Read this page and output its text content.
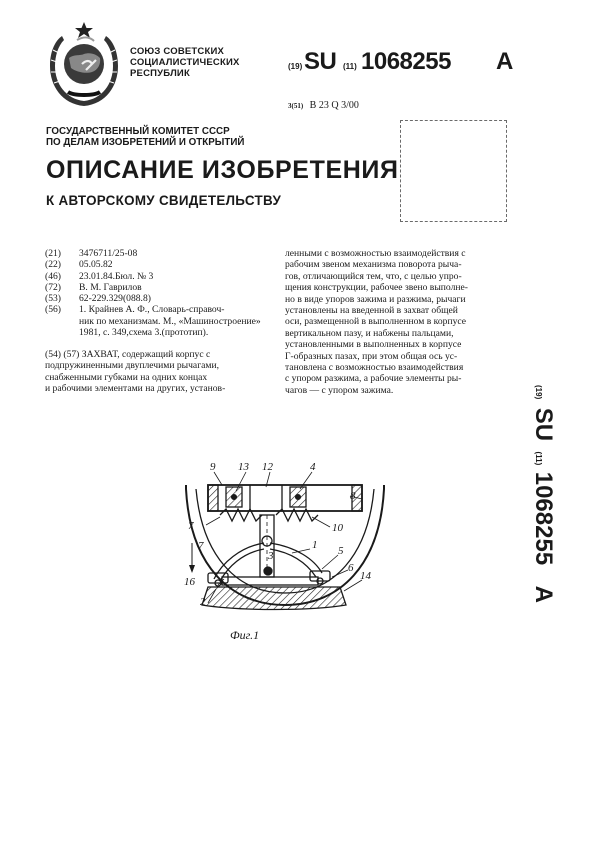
СОЮЗ СОВЕТСКИХ
СОЦИАЛИСТИЧЕСКИХ
РЕСПУБЛИК
(19) SU (11) 1068255 A
3(51) B 23 Q 3/00
ГОСУДАРСТВЕННЫЙ КОМИТЕТ СССР
ПО ДЕЛАМ ИЗОБРЕТЕНИЙ И ОТКРЫТИЙ
ОПИСАНИЕ ИЗОБРЕТЕНИЯ
К АВТОРСКОМУ СВИДЕТЕЛЬСТВУ
(21)	3476711/25-08
(22)	05.05.82
(46)	23.01.84.Бюл. № 3
(72)	В. М. Гаврилов
(53)	62-229.329(088.8)
(56)	1. Крайнев А. Ф., Словарь-справоч-
ник по механизмам. М., «Машиностроение»
1981, с. 349,схема 3.(прототип).
(54) (57) ЗАХВАТ, содержащий корпус с
подпружиненными двуплечими рычагами,
снабженными губками на одних концах
и рабочими элементами на других, установ-
ленными с возможностью взаимодействия с
рабочим звеном механизма поворота рыча-
гов, отличающийся тем, что, с целью упро-
щения конструкции, рабочее звено выполне-
но в виде упоров зажима и разжима, рычаги
установлены на введенной в захват общей
оси, размещенной в выполненном в корпусе
вертикальном пазу, и набжены пальцами,
установленными в выполненных в корпусе
Г-образных пазах, при этом общая ось ус-
тановлена с возможностью взаимодействия
с упором разжима, а рабочие элементы ры-
чагов — с упором зажима.	(19) SU (11) 1068255 A
9 13 12	4
8
7	10
7	1 5
6
14
16
2
3
Фиг.1
